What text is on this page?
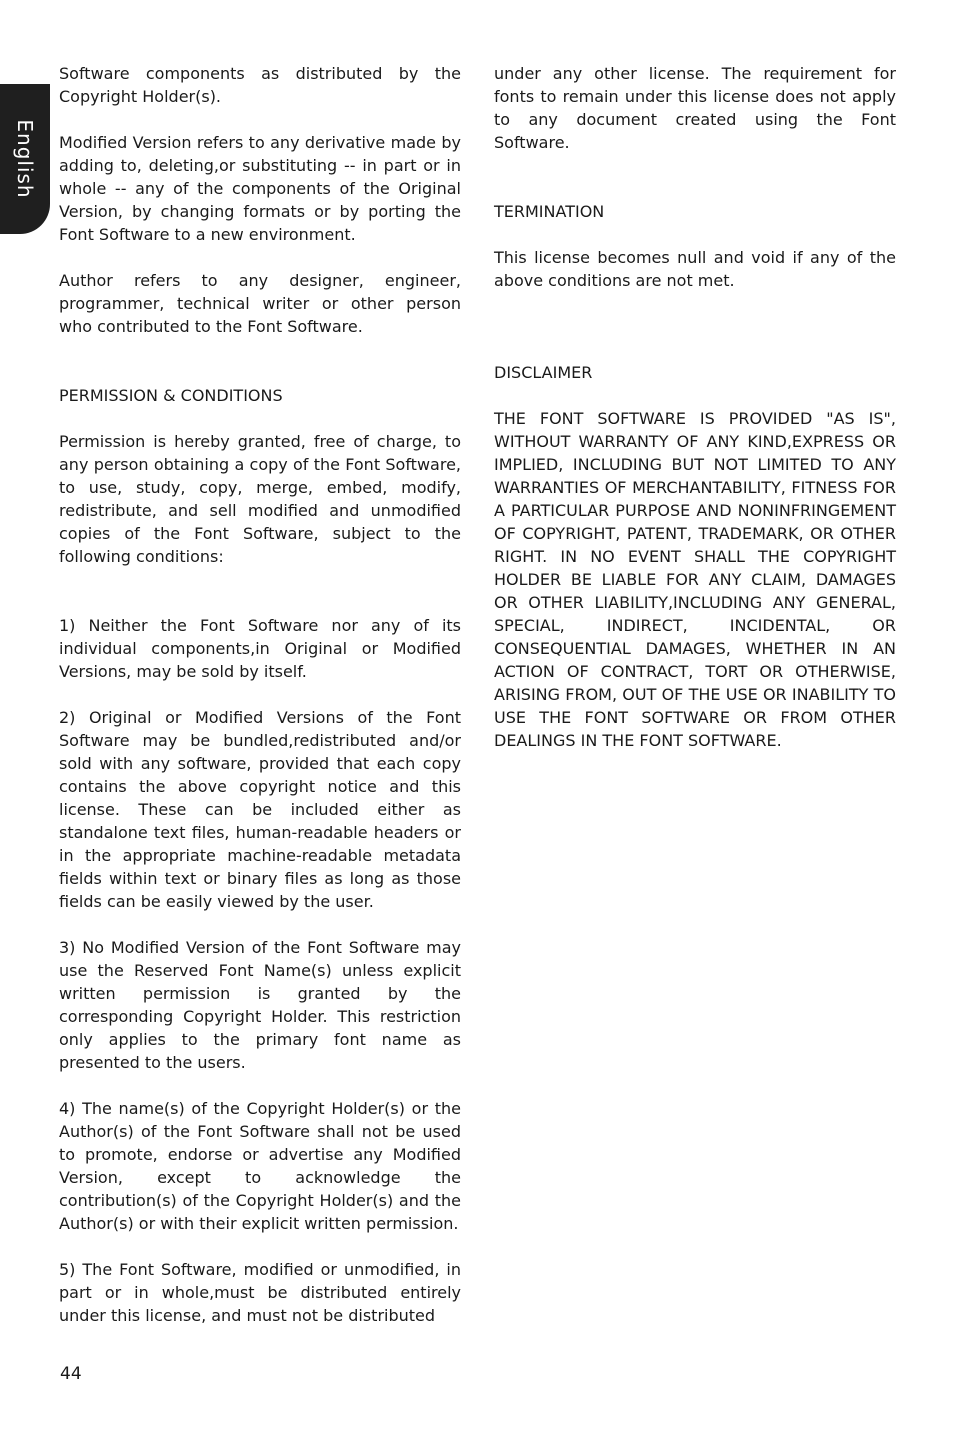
English

Software components as distributed by the Copyright Holder(s).

Modified Version refers to any derivative made by adding to, deleting,or substituting -- in part or in whole -- any of the components of the Original Version, by changing formats or by porting the Font Software to a new environment.

Author refers to any designer, engineer, programmer, technical writer or other person who contributed to the Font Software.

PERMISSION & CONDITIONS

Permission is hereby granted, free of charge, to any person obtaining a copy of the Font Software, to use, study, copy, merge, embed, modify, redistribute, and sell modified and unmodified copies of the Font Software, subject to the following conditions:

1) Neither the Font Software nor any of its individual components,in Original or Modified Versions, may be sold by itself.

2) Original or Modified Versions of the Font Software may be bundled,redistributed and/or sold with any software, provided that each copy contains the above copyright notice and this license. These can be included either as standalone text files, human-readable headers or in the appropriate machine-readable metadata fields within text or binary files as long as those fields can be easily viewed by the user.

3) No Modified Version of the Font Software may use the Reserved Font Name(s) unless explicit written permission is granted by the corresponding Copyright Holder. This restriction only applies to the primary font name as presented to the users.

4) The name(s) of the Copyright Holder(s) or the Author(s) of the Font Software shall not be used to promote, endorse or advertise any Modified Version, except to acknowledge the contribution(s) of the Copyright Holder(s) and the Author(s) or with their explicit written permission.

5) The Font Software, modified or unmodified, in part or in whole,must be distributed entirely under this license, and must not be distributed

under any other license. The requirement for fonts to remain under this license does not apply to any document created using the Font Software.

TERMINATION

This license becomes null and void if any of the above conditions are not met.

DISCLAIMER

THE FONT SOFTWARE IS PROVIDED "AS IS", WITHOUT WARRANTY OF ANY KIND,EXPRESS OR IMPLIED, INCLUDING BUT NOT LIMITED TO ANY WARRANTIES OF MERCHANTABILITY, FITNESS FOR A PARTICULAR PURPOSE AND NONINFRINGEMENT OF COPYRIGHT, PATENT, TRADEMARK, OR OTHER RIGHT. IN NO EVENT SHALL THE COPYRIGHT HOLDER BE LIABLE FOR ANY CLAIM, DAMAGES OR OTHER LIABILITY,INCLUDING ANY GENERAL, SPECIAL, INDIRECT, INCIDENTAL, OR CONSEQUENTIAL DAMAGES, WHETHER IN AN ACTION OF CONTRACT, TORT OR OTHERWISE, ARISING FROM, OUT OF THE USE OR INABILITY TO USE THE FONT SOFTWARE OR FROM OTHER DEALINGS IN THE FONT SOFTWARE.

44
